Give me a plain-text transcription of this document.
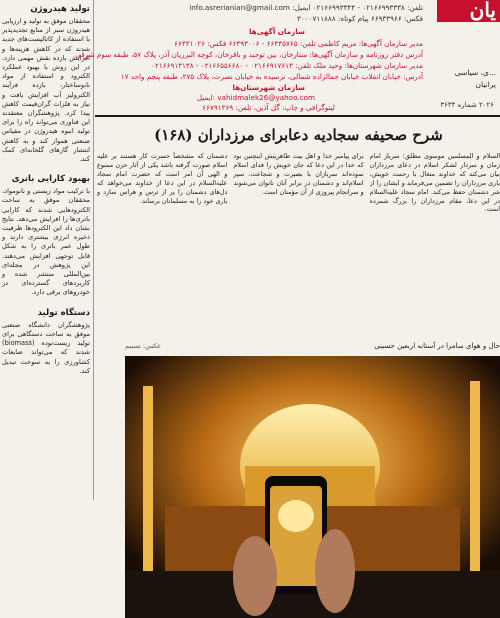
تولید هیدروژن
محققان موفق به تولید و ارزیابی هیدروژن سبز از منابع تجدیدپذیر با استفاده از کاتالیست‌های جدید شدند که در کاهش هزینه‌ها و افزایش بازده نقش مهمی دارد. در این روش با بهبود عملکرد الکترود و استفاده از مواد نانوساختار، بازده فرآیند الکترولیز آب افزایش یافت و نیاز به فلزات گران‌قیمت کاهش پیدا کرد. پژوهشگران معتقدند این فناوری می‌تواند راه را برای تولید انبوه هیدروژن در مقیاس صنعتی هموار کند و به کاهش انتشار گازهای گلخانه‌ای کمک کند.
بهبود کارایی باتری
با ترکیب مواد زیستی و نانومواد، محققان موفق به ساخت الکترودهایی شدند که کارایی باتری‌ها را افزایش می‌دهد. نتایج نشان داد این الکترودها ظرفیت ذخیره انرژی بیشتری دارند و طول عمر باتری را به شکل قابل توجهی افزایش می‌دهند. این پژوهش در مجله‌ای بین‌المللی منتشر شده و کاربردهای گسترده‌ای در خودروهای برقی دارد.
دستگاه تولید
پژوهشگران دانشگاه صنعتی موفق به ساخت دستگاهی برای تولید زیست‌توده (biomass) شدند که می‌تواند ضایعات کشاورزی را به سوخت تبدیل کند.
تلفن: ۰۲۱۶۶۹۹۳۳۳۸ - ۰۲۱۶۶۹۹۳۳۴۴ ایمیل: info.asrerianian@gmail.com
فکس: ۶۶۹۳۳۹۶۶ پیام کوتاه: ۳۰۰۰۷۱۱۸۸۸
سازمان آگهی‌ها
مدیر سازمان آگهی‌ها: مریم کاظمی تلفن: ۶۶۴۴۵۷۶۵ - ۶۶۴۹۳۰۰۶ فکس: ۶۶۴۳۱۰۲۶
آدرس دفتر روزنامه و سازمان آگهی‌ها: ستارخان، بین توحید و باقرخان، کوچه البرزیان آذر، پلاک ۵۷، طبقه سوم شرقی
مدیر سازمان شهرستان‌ها: وحید ملک تلفن: ۰۲۱۶۶۹۱۷۶۱۳ - ۰۲۱۶۶۵۵۶۶۸۰ - ۰۲۱۶۶۹۱۳۱۳۸
آدرس: خیابان انقلاب خیابان جمالزاده شمالی، نرسیده به خیابان نصرت، پلاک ۲۷۵، طبقه پنجم واحد ۱۷
سازمان شهرستان‌ها
vahidmalek26@yahoo.com :ایمیل
لیتوگرافی و چاپ: گل آذین، تلفن: ۶۶۷۹۱۳۶۹
یان
...ی، سیاسی
یرانیان
۲۰۲۶ شماره ۳۶۳۴
شرح صحیفه سجادیه دعابرای مرزداران (۱۶۸)
السلام و المسلمین موسوی مطلق؛ سرباز امام زمان و سردار لشکر اسلام در دعای مرزداران بیان می‌کند که خداوند متعال با رحمت خویش، یاری مرزداران را تضمین می‌فرماید و ایشان را از شر دشمنان حفظ می‌کند. امام سجاد علیه‌السلام در این دعا، مقام مرزداران را بزرگ شمرده است.
برای پیامبر خدا و اهل بیت طاهرینش اینچنین بود که خدا در این دعا که جان خویش را فدای اسلام نموده‌اند سربازان با بصیرت و شجاعت، سپر اسلام‌اند و دشمنان در برابر آنان ناتوان می‌شوند و سرانجام پیروزی از آن مؤمنان است.
دشمنان که مشخصاً حسرت کار هستند بر علیه اسلام صورت گرفته باشد یکی از آثار حزن ممنوع و الهی آن امر است که حضرت امام سجاد علیه‌السلام در این دعا از خداوند می‌خواهد که دل‌های دشمنان را پر از ترس و هراس سازد و یاری خود را به مسلمانان برساند.
حال و هوای سامرا در آستانه اربعین حسینی
عکس: تسنیم
